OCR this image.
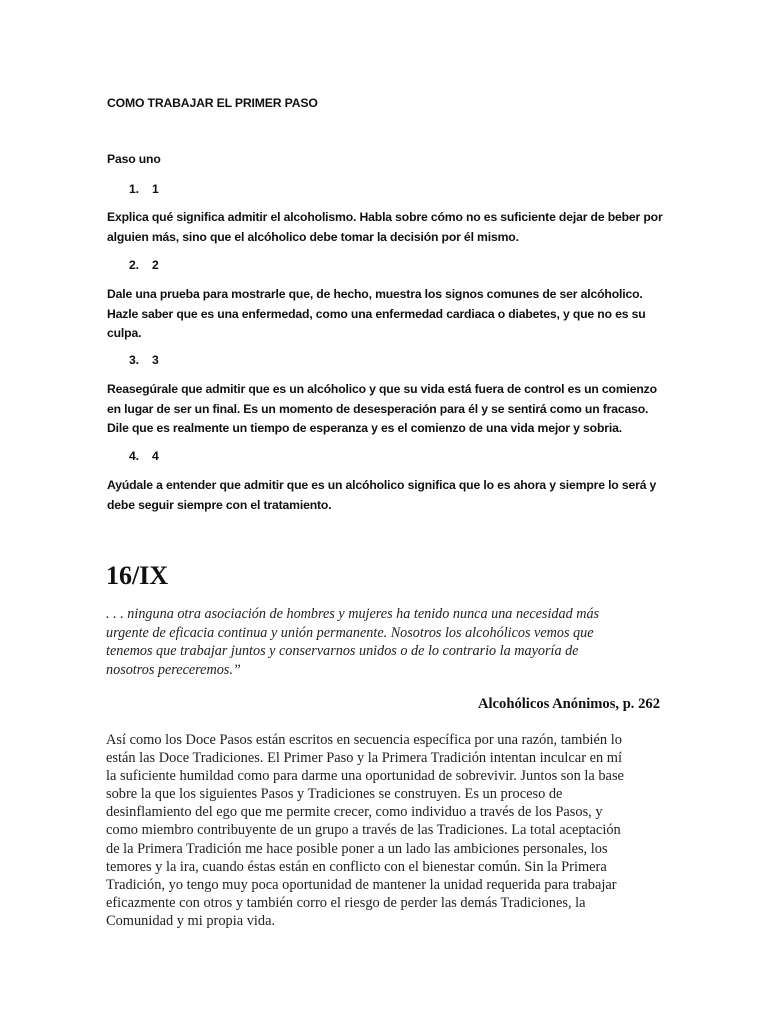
COMO TRABAJAR EL PRIMER PASO

Paso uno

1. 1

Explica qué significa admitir el alcoholismo. Habla sobre cómo no es suficiente dejar de beber por
alguien más, sino que el alcóholico debe tomar la decisión por él mismo.

2. 2

Dale una prueba para mostrarle que, de hecho, muestra los signos comunes de ser alcóholico.
Hazle saber que es una enfermedad, como una enfermedad cardiaca o diabetes, y que no es su
culpa.

3. 3

Reasegúrale que admitir que es un alcóholico y que su vida está fuera de control es un comienzo
en lugar de ser un final. Es un momento de desesperación para él y se sentirá como un fracaso.
Dile que es realmente un tiempo de esperanza y es el comienzo de una vida mejor y sobria.

4. 4

Ayúdale a entender que admitir que es un alcóholico significa que lo es ahora y siempre lo será y
debe seguir siempre con el tratamiento.

16/IX

. . . ninguna otra asociación de hombres y mujeres ha tenido nunca una necesidad más
urgente de eficacia continua y unión permanente. Nosotros los alcohólicos vemos que
tenemos que trabajar juntos y conservarnos unidos o de lo contrario la mayoría de
nosotros pereceremos.”

Alcohólicos Anónimos, p. 262

Así como los Doce Pasos están escritos en secuencia específica por una razón, también lo
están las Doce Tradiciones. El Primer Paso y la Primera Tradición intentan inculcar en mí
la suficiente humildad como para darme una oportunidad de sobrevivir. Juntos son la base
sobre la que los siguientes Pasos y Tradiciones se construyen. Es un proceso de
desinflamiento del ego que me permite crecer, como individuo a través de los Pasos, y
como miembro contribuyente de un grupo a través de las Tradiciones. La total aceptación
de la Primera Tradición me hace posible poner a un lado las ambiciones personales, los
temores y la ira, cuando éstas están en conflicto con el bienestar común. Sin la Primera
Tradición, yo tengo muy poca oportunidad de mantener la unidad requerida para trabajar
eficazmente con otros y también corro el riesgo de perder las demás Tradiciones, la
Comunidad y mi propia vida.
